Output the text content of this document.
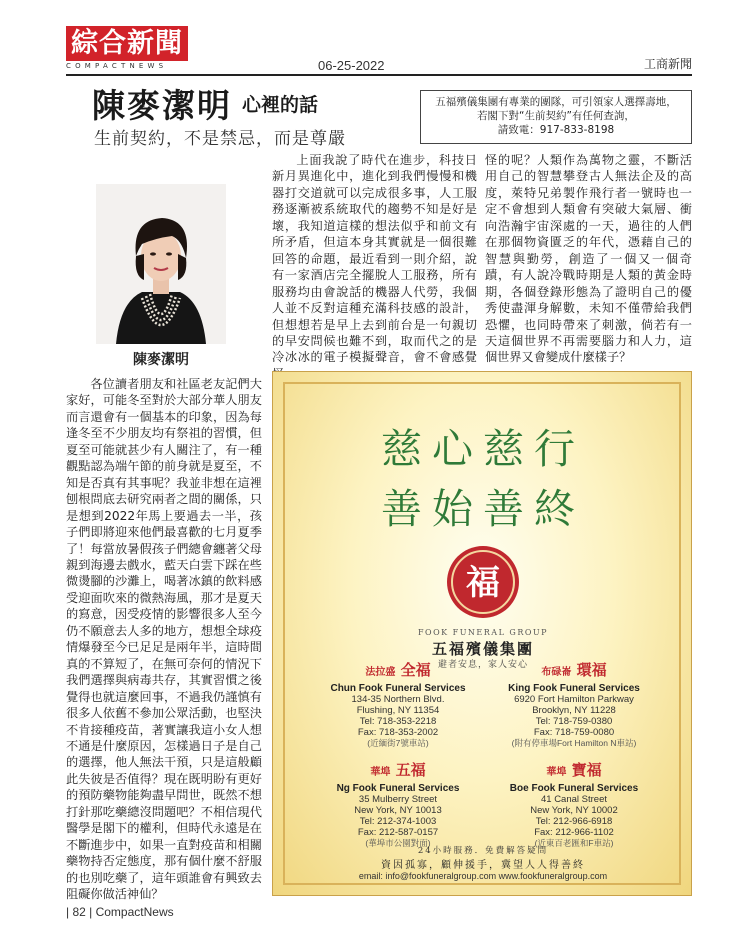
綜合新聞
COMPACTNEWS	06-25-2022	工商新聞
陳麥潔明 心裡的話
生前契約，不是禁忌，而是尊嚴
五福殯儀集團有專業的團隊，可引領家人選擇壽地，
若閣下對“生前契約”有任何查詢，
請致電：917-833-8198
陳麥潔明

各位讀者朋友和社區老友記們大家好，可能冬至對於大部分華人朋友而言還會有一個基本的印象，因為每逢冬至不少朋友均有祭祖的習慣，但夏至可能就甚少有人關注了，有一種觀點認為端午節的前身就是夏至，不知是否真有其事呢？我並非想在這裡刨根問底去研究兩者之間的關係，只是想到2022年馬上要過去一半，孩子們即將迎來他們最喜歡的七月夏季了！每當放暑假孩子們總會纏著父母親到海邊去戲水，藍天白雲下踩在些微燙腳的沙灘上，喝著冰鎮的飲料感受迎面吹來的微熱海風，那才是夏天的寫意，因受疫情的影響很多人至今仍不願意去人多的地方，想想全球疫情爆發至今已足足是兩年半，這時間真的不算短了，在無可奈何的情況下我們選擇與病毒共存，其實習慣之後覺得也就這麼回事，不過我仍謹慎有很多人依舊不參加公眾活動，也堅決不肯接種疫苗，著實讓我這小女人想不通是什麼原因，怎樣過日子是自己的選擇，他人無法干預，只是這般顧此失彼是否值得？現在既明盼有更好的預防藥物能夠盡早問世，既然不想打針那吃藥總沒問題吧？不相信現代醫學是閣下的權利，但時代永遠是在不斷進步中，如果一直對疫苗和相關藥物持否定態度，那有個什麼不舒服的也別吃藥了，這年頭誰會有興致去阻礙你做活神仙？

上面我說了時代在進步，科技日新月異進化中，進化到我們慢慢和機器打交道就可以完成很多事，人工服務逐漸被系統取代的趨勢不知是好是壞，我知道這樣的想法似乎和前文有所矛盾，但這本身其實就是一個很難回答的命題，最近看到一則介紹，說有一家酒店完全擺脫人工服務，所有服務均由會說話的機器人代勞，我個人並不反對這種充滿科技感的設計，但想想若是早上去到前台是一句親切的早安問候也難不到，取而代之的是冷冰冰的電子模擬聲音，會不會感覺

怪的呢？人類作為萬物之靈，不斷活用自己的智慧攀登古人無法企及的高度，萊特兄弟製作飛行者一號時也一定不會想到人類會有突破大氣層、衝向浩瀚宇宙深處的一天，過往的人們在那個物資匱乏的年代，憑藉自己的智慧與勤勞，創造了一個又一個奇蹟，有人說冷戰時期是人類的黃金時期，各個登錄形態為了證明自己的優秀使盡渾身解數，未知不僅帶給我們恐懼，也同時帶來了刺激，倘若有一天這個世界不再需要腦力和人力，這個世界又會變成什麼樣子？
慈心慈行
善始善終
福
FOOK FUNERAL GROUP
五福殯儀集團
避者安息，家人安心
法拉盛 全福
Chun Fook Funeral Services
134-35 Northern Blvd.
Flushing, NY 11354
Tel: 718-353-2218
Fax: 718-353-2002
(近緬街7號車站)
布碌崙 環福
King Fook Funeral Services
6920 Fort Hamilton Parkway
Brooklyn, NY 11228
Tel: 718-759-0380
Fax: 718-759-0080
(附有停車場Fort Hamilton N車站)
華埠 五福
Ng Fook Funeral Services
35 Mulberry Street
New York, NY 10013
Tel: 212-374-1003
Fax: 212-587-0157
(華埠市公園對面)
華埠 寶福
Boe Fook Funeral Services
41 Canal Street
New York, NY 10002
Tel: 212-966-6918
Fax: 212-966-1102
(近東百老匯和F車站)
24小時服務．免費解答疑問
資因孤寡，顧伸援手，冀望人人得善終
email: info@fookfuneralgroup.com www.fookfuneralgroup.com
| 82 | CompactNews
